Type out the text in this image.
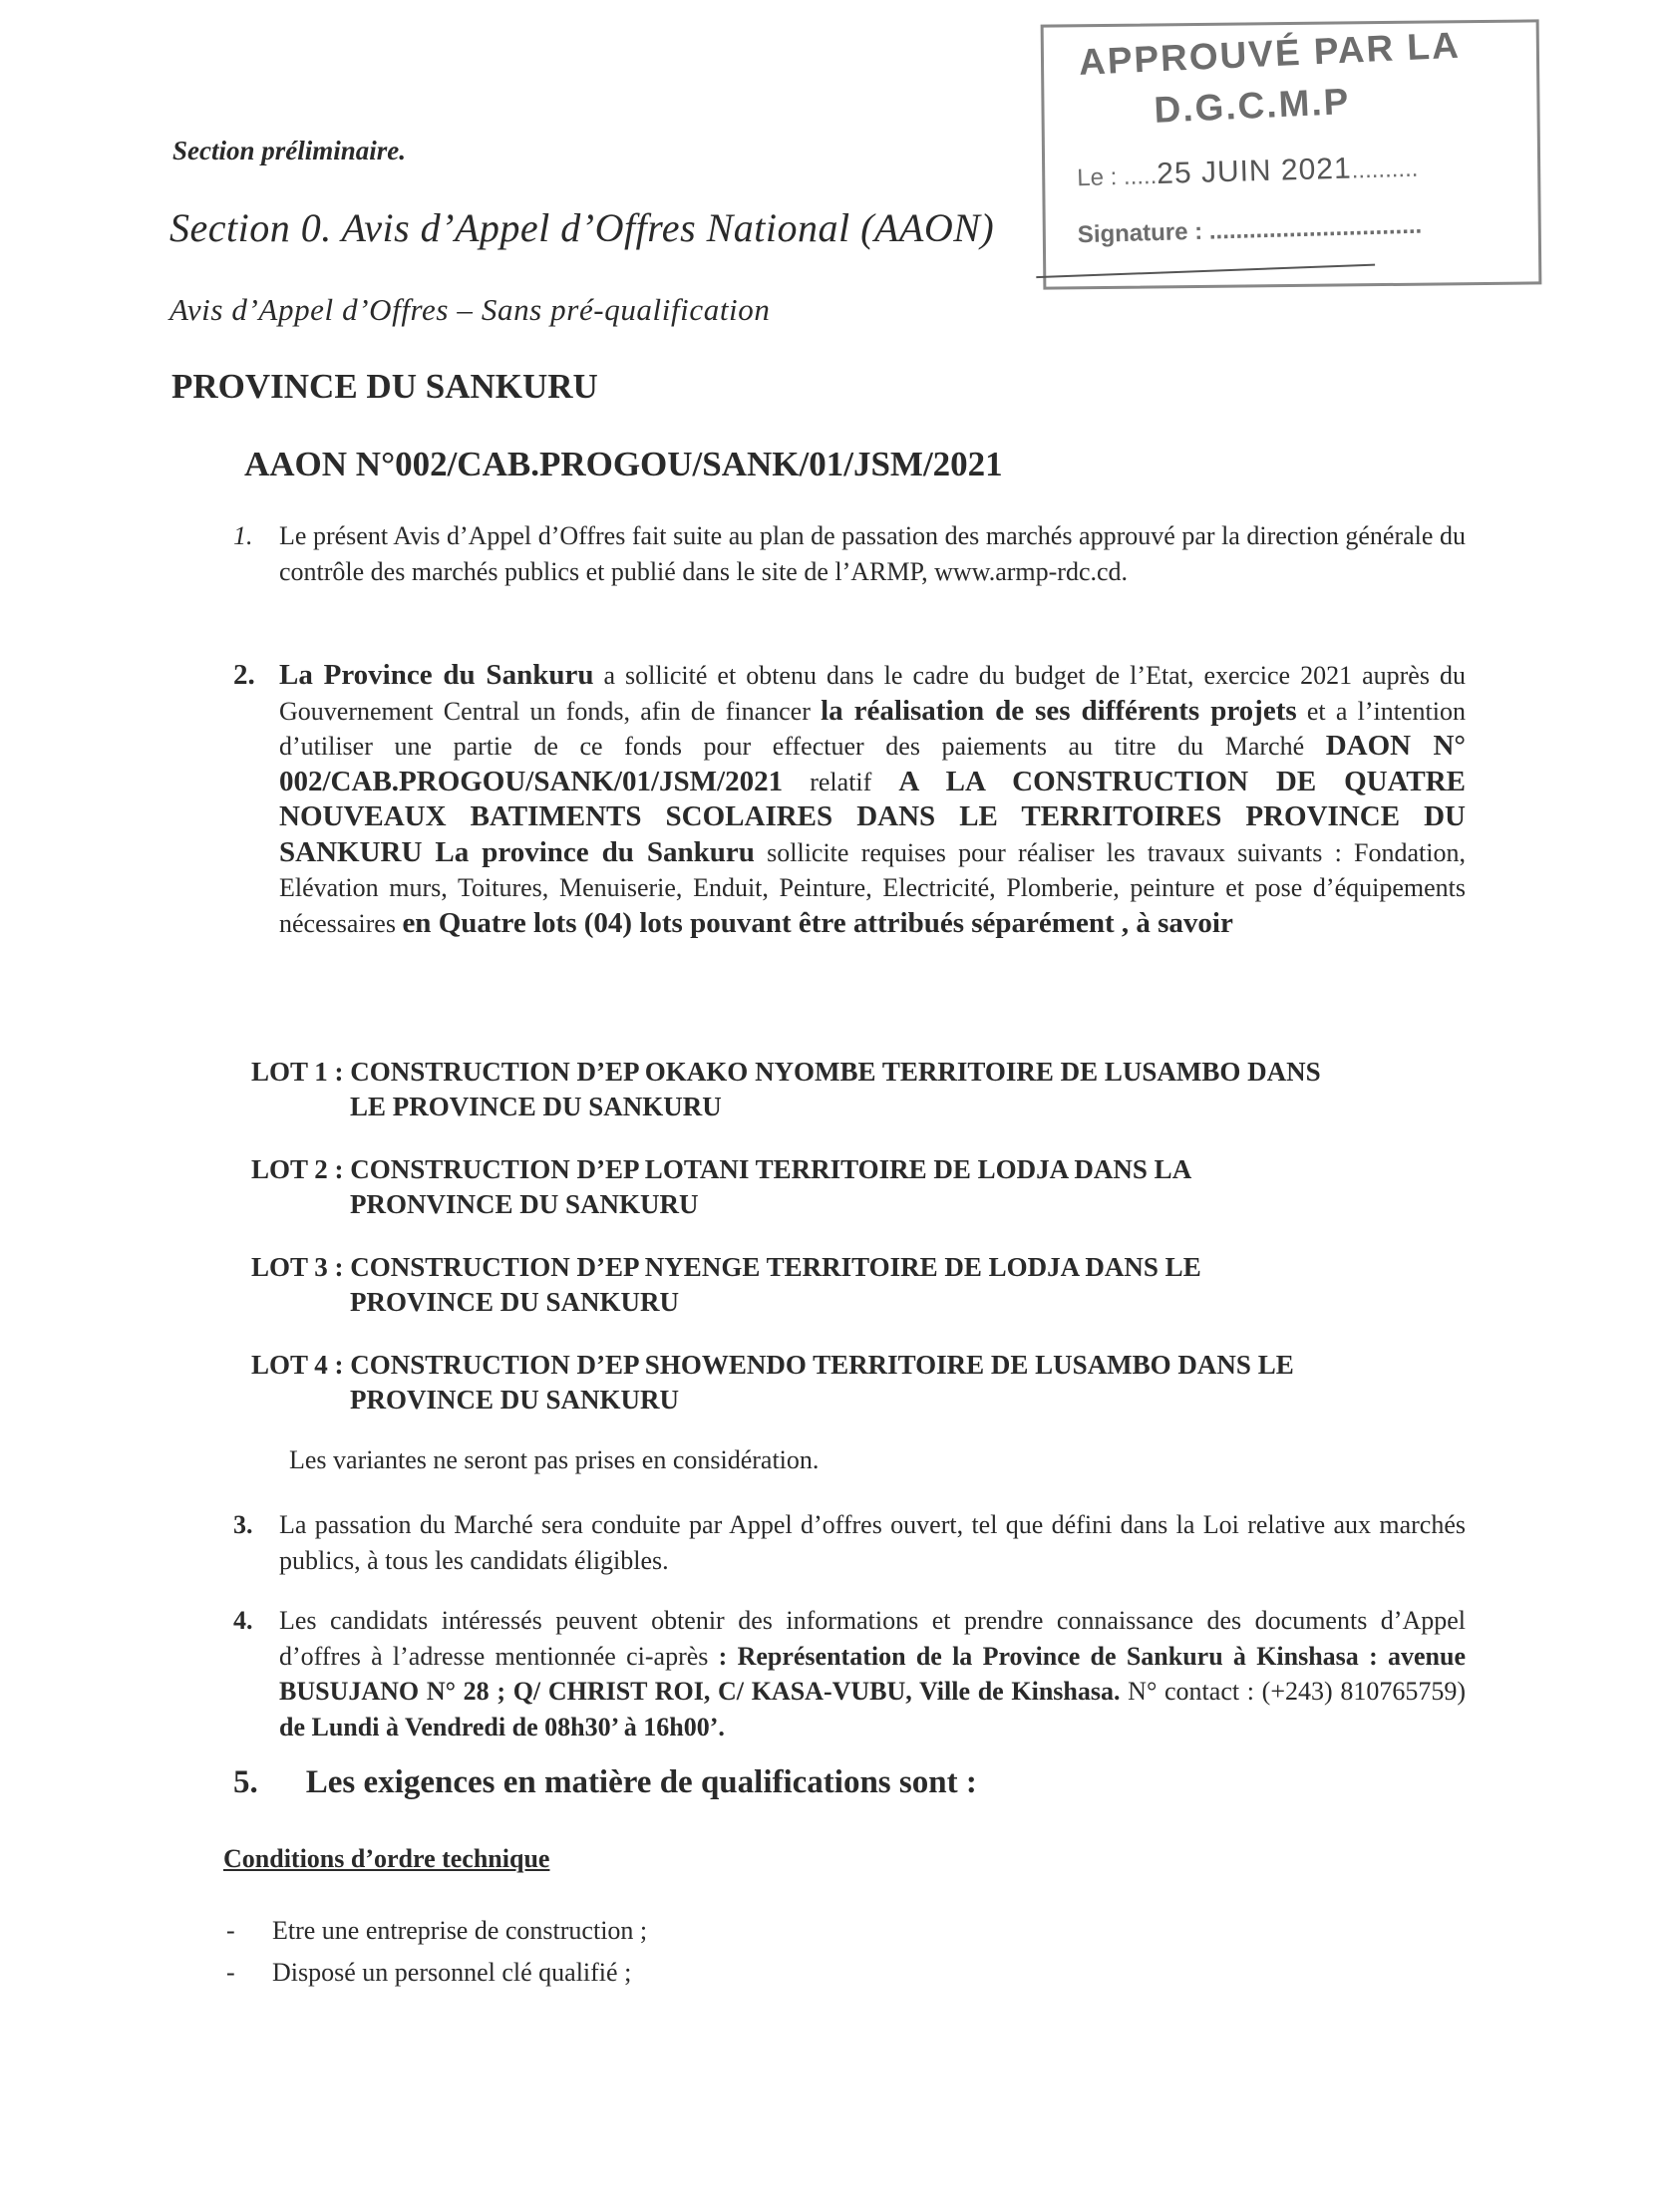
APPROUVÉ PAR LA
D.G.C.M.P
Le : .....25 JUIN 2021..........
Signature : ................................
Section préliminaire.
Section 0. Avis d’Appel d’Offres National (AAON)
Avis d’Appel d’Offres – Sans pré-qualification
PROVINCE DU SANKURU
AAON N°002/CAB.PROGOU/SANK/01/JSM/2021
1. Le présent Avis d’Appel d’Offres fait suite au plan de passation des marchés approuvé par la direction générale du contrôle des marchés publics et publié dans le site de l’ARMP, www.armp-rdc.cd.
2. La Province du Sankuru a sollicité et obtenu dans le cadre du budget de l’Etat, exercice 2021 auprès du Gouvernement Central un fonds, afin de financer la réalisation de ses différents projets et a l’intention d’utiliser une partie de ce fonds pour effectuer des paiements au titre du Marché DAON N° 002/CAB.PROGOU/SANK/01/JSM/2021 relatif A LA CONSTRUCTION DE QUATRE NOUVEAUX BATIMENTS SCOLAIRES DANS LE TERRITOIRES PROVINCE DU SANKURU La province du Sankuru sollicite requises pour réaliser les travaux suivants : Fondation, Elévation murs, Toitures, Menuiserie, Enduit, Peinture, Electricité, Plomberie, peinture et pose d’équipements nécessaires en Quatre lots (04) lots pouvant être attribués séparément , à savoir
LOT 1 : CONSTRUCTION D’EP OKAKO NYOMBE TERRITOIRE DE LUSAMBO DANS
LE PROVINCE DU SANKURU
LOT 2 : CONSTRUCTION D’EP LOTANI TERRITOIRE DE LODJA DANS LA
PRONVINCE DU SANKURU
LOT 3 : CONSTRUCTION D’EP NYENGE TERRITOIRE DE LODJA DANS LE
PROVINCE DU SANKURU
LOT 4 : CONSTRUCTION D’EP SHOWENDO TERRITOIRE DE LUSAMBO DANS LE
PROVINCE DU SANKURU
Les variantes ne seront pas prises en considération.
3. La passation du Marché sera conduite par Appel d’offres ouvert, tel que défini dans la Loi relative aux marchés publics, à tous les candidats éligibles.
4. Les candidats intéressés peuvent obtenir des informations et prendre connaissance des documents d’Appel d’offres à l’adresse mentionnée ci-après : Représentation de la Province de Sankuru à Kinshasa : avenue BUSUJANO N° 28 ; Q/ CHRIST ROI, C/ KASA-VUBU, Ville de Kinshasa. N° contact : (+243) 810765759) de Lundi à Vendredi de 08h30’ à 16h00’.
5. Les exigences en matière de qualifications sont :
Conditions d’ordre technique
- Etre une entreprise de construction ;
- Disposé un personnel clé qualifié ;
